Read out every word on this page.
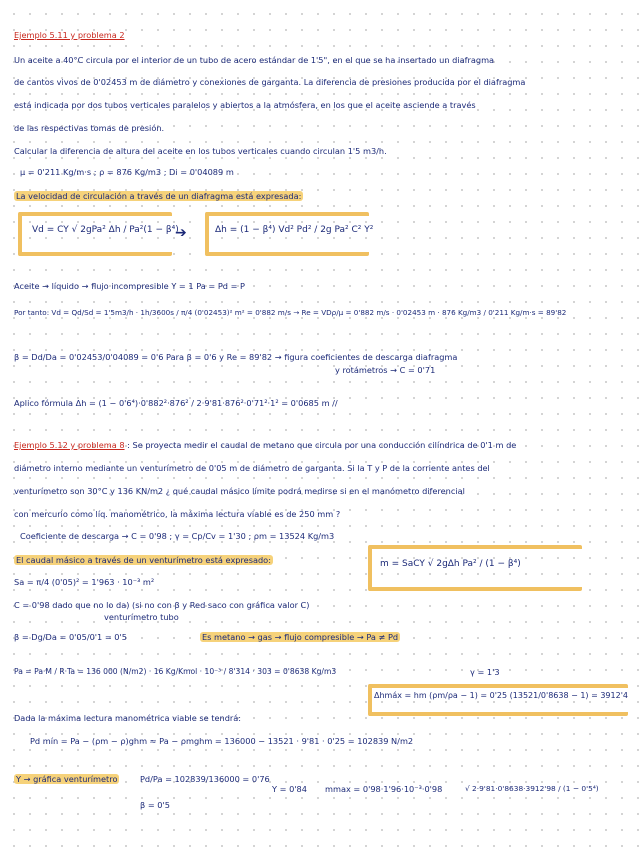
Ejemplo 5.11 y problema 2
Un aceite a 40°C circula por el interior de un tubo de acero estándar de 1'5", en el que se ha insertado un diafragma
de cantos vivos de 0'02453 m de diámetro y conexiones de garganta. La diferencia de presiones producida por el diafragma
está indicada por dos tubos verticales paralelos y abiertos a la atmósfera, en los que el aceite asciende a través
de las respectivas tomas de presión.
Calcular la diferencia de altura del aceite en los tubos verticales cuando circulan 1'5 m3/h.
μ = 0'211 Kg/m·s ; ρ = 876 Kg/m3 ; Di = 0'04089 m
La velocidad de circulación a través de un diafragma está expresada:
Vd = CY √ 2gPa² Δh / Pa²(1 − β⁴)
➔	Δh = (1 − β⁴) Vd² Pd² / 2g Pa² C² Y²
Aceite → líquido → flujo incompresible Y = 1 Pa = Pd = P
Por tanto: Vd = Qd/Sd = 1'5m3/h · 1h/3600s / π/4 (0'02453)² m² = 0'882 m/s → Re = VDρ/μ = 0'882 m/s · 0'02453 m · 876 Kg/m3 / 0'211 Kg/m·s = 89'82
β = Dd/Da = 0'02453/0'04089 = 0'6 Para β = 0'6 y Re = 89'82 → figura coeficientes de descarga diafragma
y rotámetros → C = 0'71
Aplico fórmula Δh = (1 − 0'6⁴)·0'882²·876² / 2·9'81·876²·0'71²·1² = 0'0685 m //
Ejemplo 5.12 y problema 8 : Se proyecta medir el caudal de metano que circula por una conducción cilíndrica de 0'1 m de
diámetro interno mediante un venturímetro de 0'05 m de diámetro de garganta. Si la T y P de la corriente antes del
venturímetro son 30°C y 136 KN/m2 ¿ qué caudal másico límite podrá medirse si en el manómetro diferencial
con mercurio como líq. manométrico, la máxima lectura viable es de 250 mm ?
Coeficiente de descarga → C = 0'98 ; γ = Cp/Cv = 1'30 ; ρm = 13524 Kg/m3
El caudal másico a través de un venturímetro está expresado:	m = SaCY √ 2gΔh Pa² / (1 − β⁴)
Sa = π/4 (0'05)² = 1'963 · 10⁻³ m²
C = 0'98 dado que no lo da) (si no con β y Red saco con gráfica valor C)
venturímetro tubo
β = Dg/Da = 0'05/0'1 = 0'5	Es metano → gas → flujo compresible → Pa ≠ Pd
Pa = Pa·M / R·Ta = 136 000 (N/m2) · 16 Kg/Kmol · 10⁻³ / 8'314 · 303 = 0'8638 Kg/m3	γ = 1'3
Δhmáx = hm (ρm/ρa − 1) = 0'25 (13521/0'8638 − 1) = 3912'4
Dada la máxima lectura manométrica viable se tendrá:
Pd mín = Pa − (ρm − ρ)ghm ≈ Pa − ρmghm = 136000 − 13521 · 9'81 · 0'25 = 102839 N/m2
Y → gráfica venturímetro	Pd/Pa = 102839/136000 = 0'76
β = 0'5
Y = 0'84 mmax = 0'98·1'96·10⁻³·0'98	√ 2·9'81·0'8638·3912'98 / (1 − 0'5⁴)
